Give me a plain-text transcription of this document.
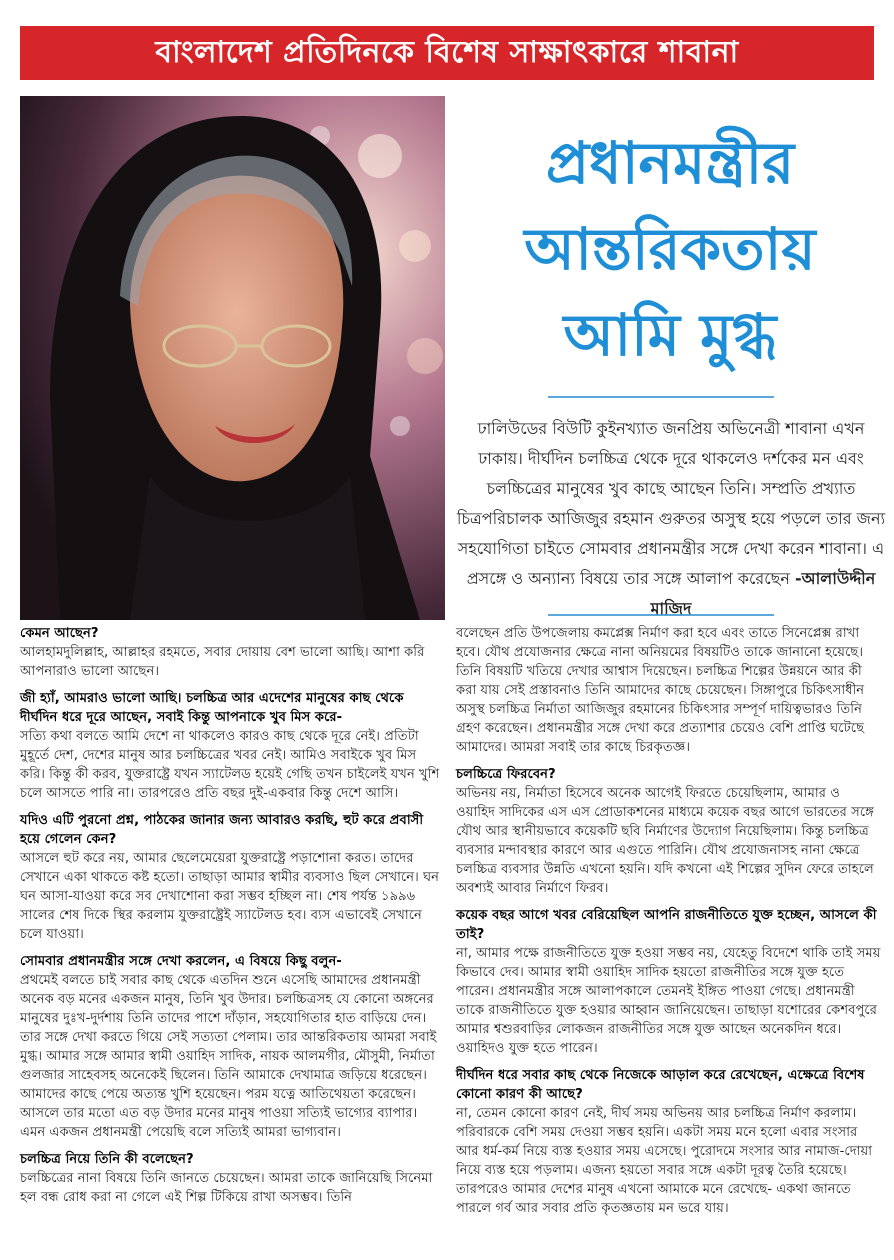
বাংলাদেশ প্রতিদিনকে বিশেষ সাক্ষাৎকারে শাবানা
প্রধানমন্ত্রীর
আন্তরিকতায়
আমি মুগ্ধ
ঢালিউডের বিউটি কুইনখ্যাত জনপ্রিয় অভিনেত্রী শাবানা এখন ঢাকায়। দীর্ঘদিন চলচ্চিত্র থেকে দূরে থাকলেও দর্শকের মন এবং চলচ্চিত্রের মানুষের খুব কাছে আছেন তিনি। সম্প্রতি প্রখ্যাত চিত্রপরিচালক আজিজুর রহমান গুরুতর অসুস্থ হয়ে পড়লে তার জন্য সহযোগিতা চাইতে সোমবার প্রধানমন্ত্রীর সঙ্গে দেখা করেন শাবানা। এ প্রসঙ্গে ও অন্যান্য বিষয়ে তার সঙ্গে আলাপ করেছেন -আলাউদ্দীন মাজিদ
কেমন আছেন?
আলহামদুলিল্লাহ, আল্লাহর রহমতে, সবার দোয়ায় বেশ ভালো আছি। আশা করি আপনারাও ভালো আছেন।
জী হ্যাঁ, আমরাও ভালো আছি। চলচ্চিত্র আর এদেশের মানুষের কাছ থেকে দীর্ঘদিন ধরে দূরে আছেন, সবাই কিন্তু আপনাকে খুব মিস করে-
সত্যি কথা বলতে আমি দেশে না থাকলেও কারও কাছ থেকে দূরে নেই। প্রতিটা মুহূর্তে দেশ, দেশের মানুষ আর চলচ্চিত্রের খবর নেই। আমিও সবাইকে খুব মিস করি। কিন্তু কী করব, যুক্তরাষ্ট্রে যখন স্যাটেলড হয়েই গেছি তখন চাইলেই যখন খুশি চলে আসতে পারি না। তারপরেও প্রতি বছর দুই-একবার কিন্তু দেশে আসি।
যদিও এটি পুরনো প্রশ্ন, পাঠকের জানার জন্য আবারও করছি, হুট করে প্রবাসী হয়ে গেলেন কেন?
আসলে হুট করে নয়, আমার ছেলেমেয়েরা যুক্তরাষ্ট্রে পড়াশোনা করত। তাদের সেখানে একা থাকতে কষ্ট হতো। তাছাড়া আমার স্বামীর ব্যবসাও ছিল সেখানে। ঘন ঘন আসা-যাওয়া করে সব দেখাশোনা করা সম্ভব হচ্ছিল না। শেষ পর্যন্ত ১৯৯৬ সালের শেষ দিকে স্থির করলাম যুক্তরাষ্ট্রেই স্যাটেলড হব। ব্যস এভাবেই সেখানে চলে যাওয়া।
সোমবার প্রধানমন্ত্রীর সঙ্গে দেখা করলেন, এ বিষয়ে কিছু বলুন-
প্রথমেই বলতে চাই সবার কাছ থেকে এতদিন শুনে এসেছি আমাদের প্রধানমন্ত্রী অনেক বড় মনের একজন মানুষ, তিনি খুব উদার। চলচ্চিত্রসহ যে কোনো অঙ্গনের মানুষের দুঃখ-দুর্দশায় তিনি তাদের পাশে দাঁড়ান, সহযোগিতার হাত বাড়িয়ে দেন। তার সঙ্গে দেখা করতে গিয়ে সেই সত্যতা পেলাম। তার আন্তরিকতায় আমরা সবাই মুগ্ধ। আমার সঙ্গে আমার স্বামী ওয়াহিদ সাদিক, নায়ক আলমগীর, মৌসুমী, নির্মাতা গুলজার সাহেবসহ অনেকেই ছিলেন। তিনি আমাকে দেখামাত্র জড়িয়ে ধরেছেন। আমাদের কাছে পেয়ে অত্যন্ত খুশি হয়েছেন। পরম যত্নে আতিথেয়তা করেছেন। আসলে তার মতো এত বড় উদার মনের মানুষ পাওয়া সত্যিই ভাগ্যের ব্যাপার। এমন একজন প্রধানমন্ত্রী পেয়েছি বলে সত্যিই আমরা ভাগ্যবান।
চলচ্চিত্র নিয়ে তিনি কী বলেছেন?
চলচ্চিত্রের নানা বিষয়ে তিনি জানতে চেয়েছেন। আমরা তাকে জানিয়েছি সিনেমা হল বন্ধ রোধ করা না গেলে এই শিল্প টিকিয়ে রাখা অসম্ভব। তিনি
বলেছেন প্রতি উপজেলায় কমপ্লেক্স নির্মাণ করা হবে এবং তাতে সিনেপ্লেক্স রাখা হবে। যৌথ প্রযোজনার ক্ষেত্রে নানা অনিয়মের বিষয়টিও তাকে জানানো হয়েছে। তিনি বিষয়টি খতিয়ে দেখার আশ্বাস দিয়েছেন। চলচ্চিত্র শিল্পের উন্নয়নে আর কী করা যায় সেই প্রস্তাবনাও তিনি আমাদের কাছে চেয়েছেন। সিঙ্গাপুরে চিকিৎসাধীন অসুস্থ চলচ্চিত্র নির্মাতা আজিজুর রহমানের চিকিৎসার সম্পূর্ণ দায়িত্বভারও তিনি গ্রহণ করেছেন। প্রধানমন্ত্রীর সঙ্গে দেখা করে প্রত্যাশার চেয়েও বেশি প্রাপ্তি ঘটেছে আমাদের। আমরা সবাই তার কাছে চিরকৃতজ্ঞ।
চলচ্চিত্রে ফিরবেন?
অভিনয় নয়, নির্মাতা হিসেবে অনেক আগেই ফিরতে চেয়েছিলাম, আমার ও ওয়াহিদ সাদিকের এস এস প্রোডাকশনের মাধ্যমে কয়েক বছর আগে ভারতের সঙ্গে যৌথ আর স্থানীয়ভাবে কয়েকটি ছবি নির্মাণের উদ্যোগ নিয়েছিলাম। কিন্তু চলচ্চিত্র ব্যবসার মন্দাবস্থার কারণে আর এগুতে পারিনি। যৌথ প্রযোজনাসহ নানা ক্ষেত্রে চলচ্চিত্র ব্যবসার উন্নতি এখনো হয়নি। যদি কখনো এই শিল্পের সুদিন ফেরে তাহলে অবশ্যই আবার নির্মাণে ফিরব।
কয়েক বছর আগে খবর বেরিয়েছিল আপনি রাজনীতিতে যুক্ত হচ্ছেন, আসলে কী তাই?
না, আমার পক্ষে রাজনীতিতে যুক্ত হওয়া সম্ভব নয়, যেহেতু বিদেশে থাকি তাই সময় কিভাবে দেব। আমার স্বামী ওয়াহিদ সাদিক হয়তো রাজনীতির সঙ্গে যুক্ত হতে পারেন। প্রধানমন্ত্রীর সঙ্গে আলাপকালে তেমনই ইঙ্গিত পাওয়া গেছে। প্রধানমন্ত্রী তাকে রাজনীতিতে যুক্ত হওয়ার আহ্বান জানিয়েছেন। তাছাড়া যশোরের কেশবপুরে আমার শ্বশুরবাড়ির লোকজন রাজনীতির সঙ্গে যুক্ত আছেন অনেকদিন ধরে। ওয়াহিদও যুক্ত হতে পারেন।
দীর্ঘদিন ধরে সবার কাছ থেকে নিজেকে আড়াল করে রেখেছেন, এক্ষেত্রে বিশেষ কোনো কারণ কী আছে?
না, তেমন কোনো কারণ নেই, দীর্ঘ সময় অভিনয় আর চলচ্চিত্র নির্মাণ করলাম। পরিবারকে বেশি সময় দেওয়া সম্ভব হয়নি। একটা সময় মনে হলো এবার সংসার আর ধর্ম-কর্ম নিয়ে ব্যস্ত হওয়ার সময় এসেছে। পুরোদমে সংসার আর নামাজ-দোয়া নিয়ে ব্যস্ত হয়ে পড়লাম। এজন্য হয়তো সবার সঙ্গে একটা দূরত্ব তৈরি হয়েছে। তারপরেও আমার দেশের মানুষ এখনো আমাকে মনে রেখেছে- একথা জানতে পারলে গর্ব আর সবার প্রতি কৃতজ্ঞতায় মন ভরে যায়।
